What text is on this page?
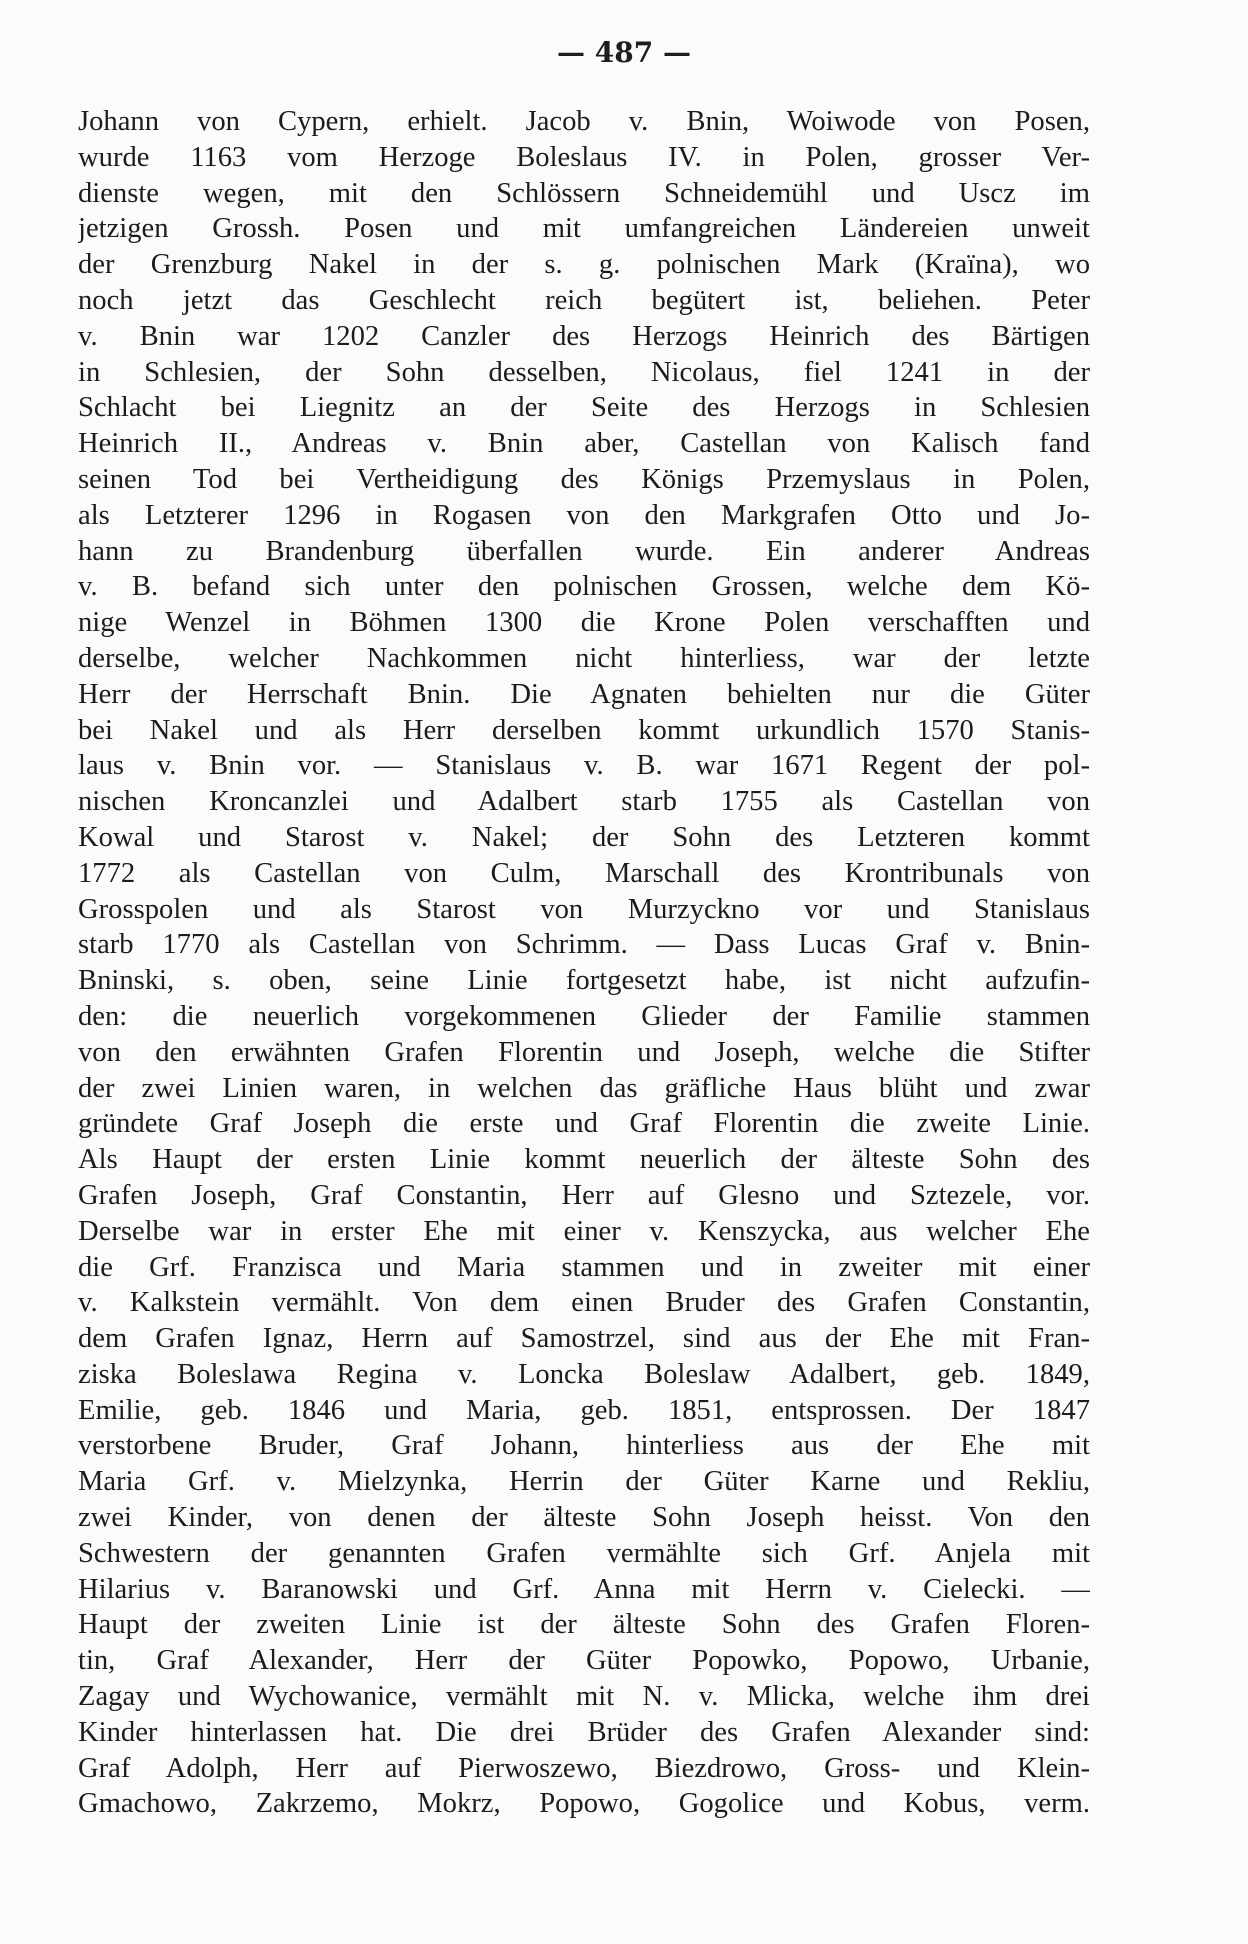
— 487 —
Johann von Cypern, erhielt. Jacob v. Bnin, Woiwode von Posen,
wurde 1163 vom Herzoge Boleslaus IV. in Polen, grosser Ver-
dienste wegen, mit den Schlössern Schneidemühl und Uscz im
jetzigen Grossh. Posen und mit umfangreichen Ländereien unweit
der Grenzburg Nakel in der s. g. polnischen Mark (Kraïna), wo
noch jetzt das Geschlecht reich begütert ist, beliehen. Peter
v. Bnin war 1202 Canzler des Herzogs Heinrich des Bärtigen
in Schlesien, der Sohn desselben, Nicolaus, fiel 1241 in der
Schlacht bei Liegnitz an der Seite des Herzogs in Schlesien
Heinrich II., Andreas v. Bnin aber, Castellan von Kalisch fand
seinen Tod bei Vertheidigung des Königs Przemyslaus in Polen,
als Letzterer 1296 in Rogasen von den Markgrafen Otto und Jo-
hann zu Brandenburg überfallen wurde. Ein anderer Andreas
v. B. befand sich unter den polnischen Grossen, welche dem Kö-
nige Wenzel in Böhmen 1300 die Krone Polen verschafften und
derselbe, welcher Nachkommen nicht hinterliess, war der letzte
Herr der Herrschaft Bnin. Die Agnaten behielten nur die Güter
bei Nakel und als Herr derselben kommt urkundlich 1570 Stanis-
laus v. Bnin vor. — Stanislaus v. B. war 1671 Regent der pol-
nischen Kroncanzlei und Adalbert starb 1755 als Castellan von
Kowal und Starost v. Nakel; der Sohn des Letzteren kommt
1772 als Castellan von Culm, Marschall des Krontribunals von
Grosspolen und als Starost von Murzyckno vor und Stanislaus
starb 1770 als Castellan von Schrimm. — Dass Lucas Graf v. Bnin-
Bninski, s. oben, seine Linie fortgesetzt habe, ist nicht aufzufin-
den: die neuerlich vorgekommenen Glieder der Familie stammen
von den erwähnten Grafen Florentin und Joseph, welche die Stifter
der zwei Linien waren, in welchen das gräfliche Haus blüht und zwar
gründete Graf Joseph die erste und Graf Florentin die zweite Linie.
Als Haupt der ersten Linie kommt neuerlich der älteste Sohn des
Grafen Joseph, Graf Constantin, Herr auf Glesno und Sztezele, vor.
Derselbe war in erster Ehe mit einer v. Kenszycka, aus welcher Ehe
die Grf. Franzisca und Maria stammen und in zweiter mit einer
v. Kalkstein vermählt. Von dem einen Bruder des Grafen Constantin,
dem Grafen Ignaz, Herrn auf Samostrzel, sind aus der Ehe mit Fran-
ziska Boleslawa Regina v. Loncka Boleslaw Adalbert, geb. 1849,
Emilie, geb. 1846 und Maria, geb. 1851, entsprossen. Der 1847
verstorbene Bruder, Graf Johann, hinterliess aus der Ehe mit
Maria Grf. v. Mielzynka, Herrin der Güter Karne und Rekliu,
zwei Kinder, von denen der älteste Sohn Joseph heisst. Von den
Schwestern der genannten Grafen vermählte sich Grf. Anjela mit
Hilarius v. Baranowski und Grf. Anna mit Herrn v. Cielecki. —
Haupt der zweiten Linie ist der älteste Sohn des Grafen Floren-
tin, Graf Alexander, Herr der Güter Popowko, Popowo, Urbanie,
Zagay und Wychowanice, vermählt mit N. v. Mlicka, welche ihm drei
Kinder hinterlassen hat. Die drei Brüder des Grafen Alexander sind:
Graf Adolph, Herr auf Pierwoszewo, Biezdrowo, Gross- und Klein-
Gmachowo, Zakrzemo, Mokrz, Popowo, Gogolice und Kobus, verm.
